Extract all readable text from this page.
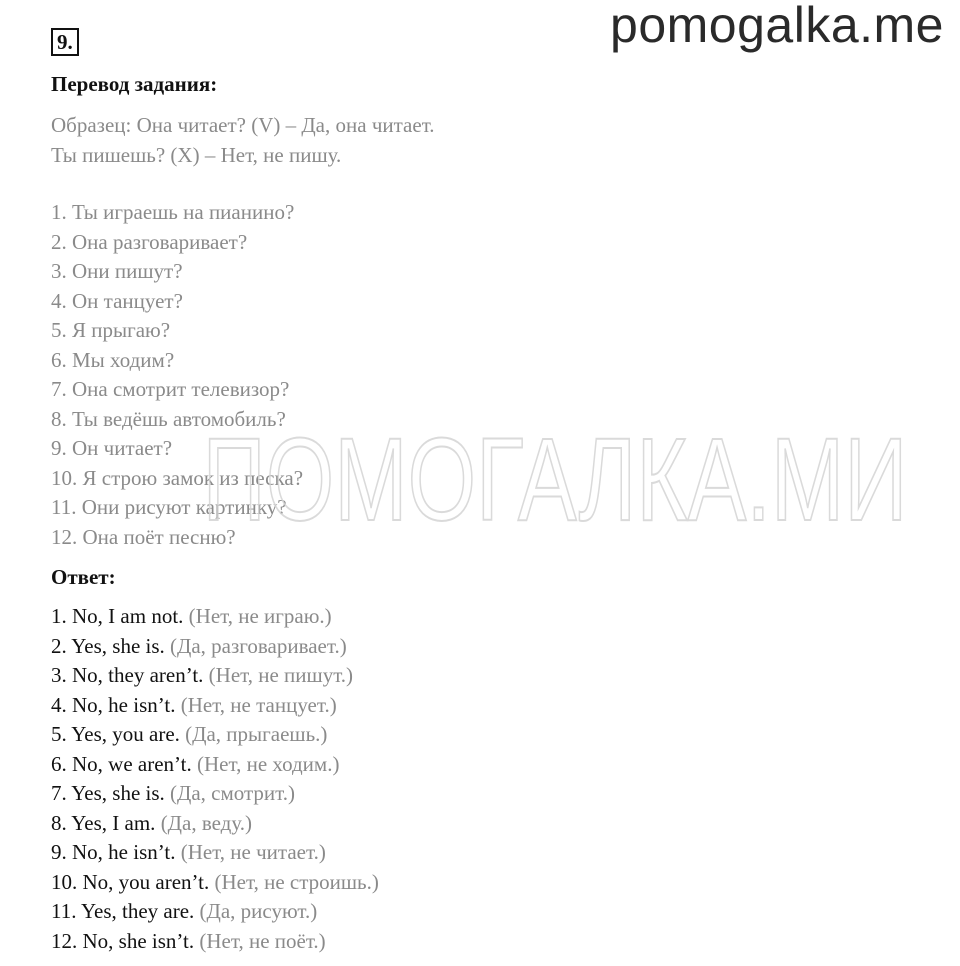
pomogalka.me
9.
Перевод задания:
Образец: Она читает? (V) – Да, она читает.
Ты пишешь? (X) – Нет, не пишу.
1. Ты играешь на пианино?
2. Она разговаривает?
3. Они пишут?
4. Он танцует?
5. Я прыгаю?
6. Мы ходим?
7. Она смотрит телевизор?
8. Ты ведёшь автомобиль?
9. Он читает?
10. Я строю замок из песка?
11. Они рисуют картинку?
12. Она поёт песню?
Ответ:
1. No, I am not. (Нет, не играю.)
2. Yes, she is. (Да, разговаривает.)
3. No, they aren’t. (Нет, не пишут.)
4. No, he isn’t. (Нет, не танцует.)
5. Yes, you are. (Да, прыгаешь.)
6. No, we aren’t. (Нет, не ходим.)
7. Yes, she is. (Да, смотрит.)
8. Yes, I am. (Да, веду.)
9. No, he isn’t. (Нет, не читает.)
10. No, you aren’t. (Нет, не строишь.)
11. Yes, they are. (Да, рисуют.)
12. No, she isn’t. (Нет, не поёт.)
ПОМОГАЛКА.МИ
